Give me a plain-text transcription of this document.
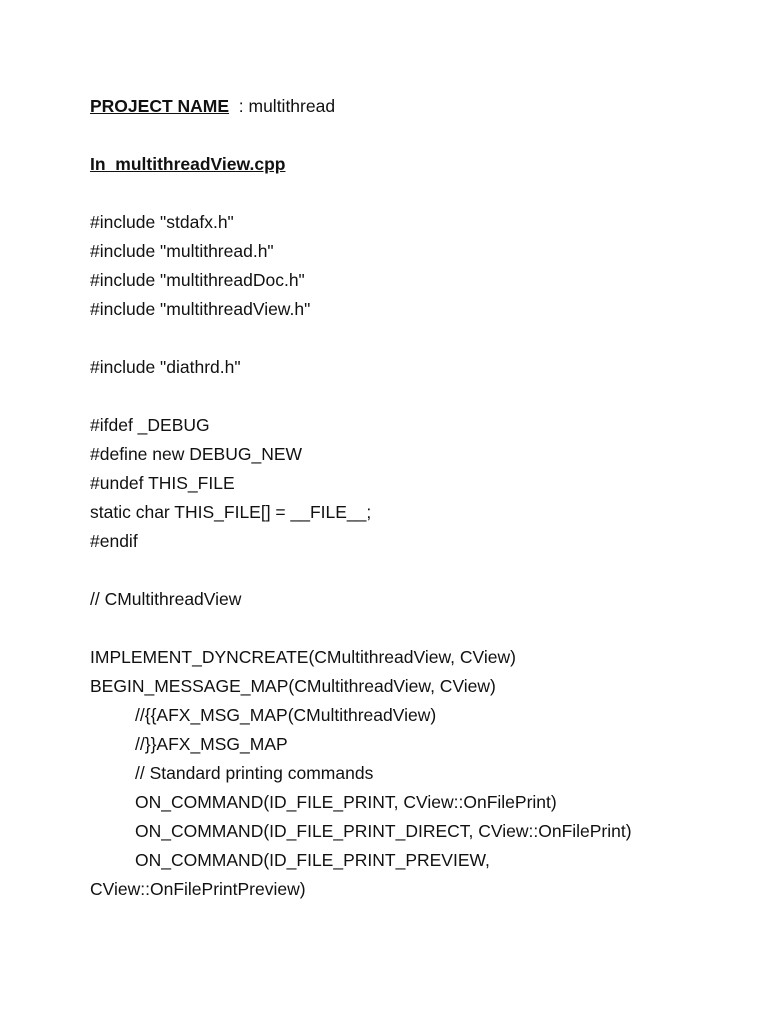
PROJECT NAME  : multithread

In  multithreadView.cpp

#include "stdafx.h"

#include "multithread.h"

#include "multithreadDoc.h"

#include "multithreadView.h"

#include "diathrd.h"

#ifdef _DEBUG

#define new DEBUG_NEW

#undef THIS_FILE

static char THIS_FILE[] = __FILE__;

#endif

// CMultithreadView

IMPLEMENT_DYNCREATE(CMultithreadView, CView)

BEGIN_MESSAGE_MAP(CMultithreadView, CView)

//{{AFX_MSG_MAP(CMultithreadView)

//}}AFX_MSG_MAP

// Standard printing commands

ON_COMMAND(ID_FILE_PRINT, CView::OnFilePrint)

ON_COMMAND(ID_FILE_PRINT_DIRECT, CView::OnFilePrint)

ON_COMMAND(ID_FILE_PRINT_PREVIEW,

CView::OnFilePrintPreview)
